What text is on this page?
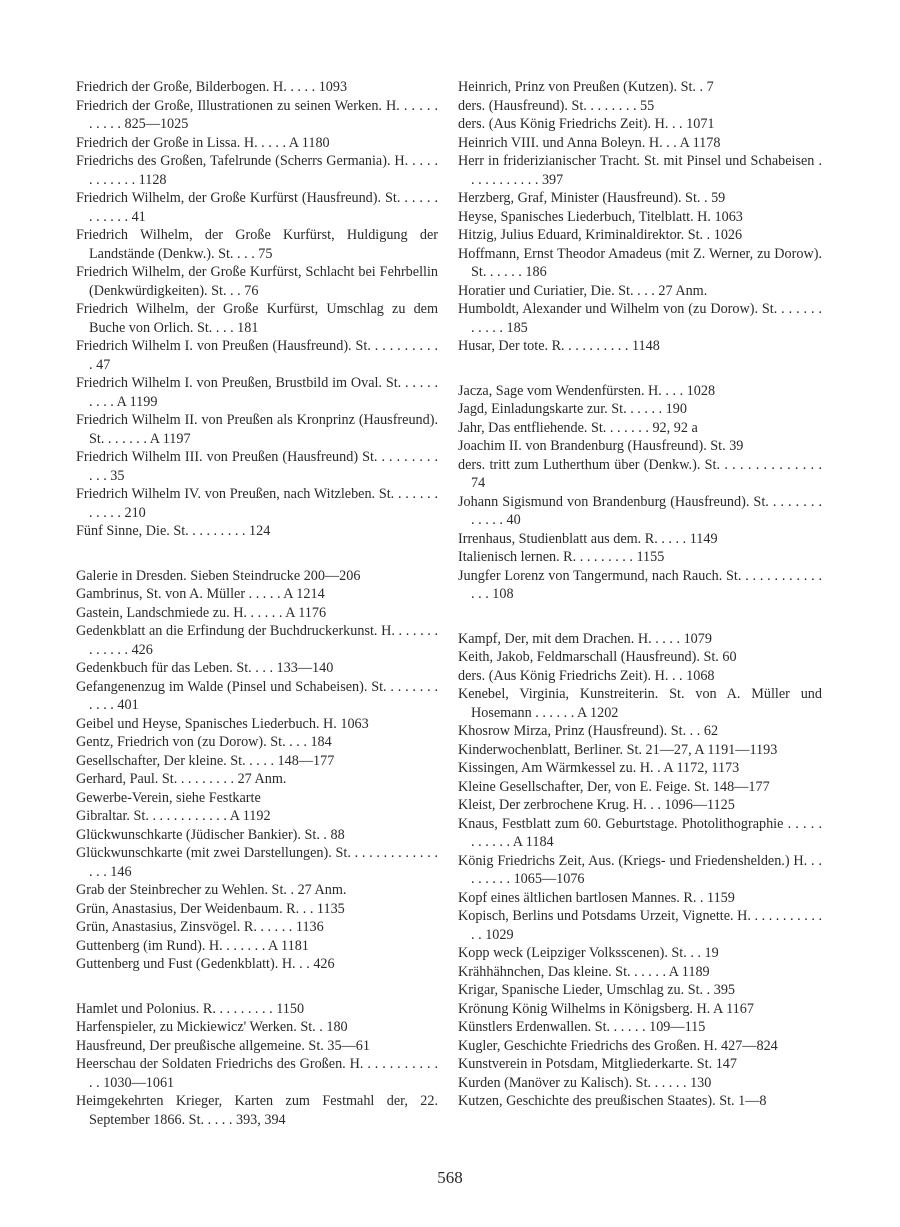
Friedrich der Große, Bilderbogen. H. . . . . 1093
Friedrich der Große, Illustrationen zu seinen Werken. H. . . . . . . . . . . 825—1025
Friedrich der Große in Lissa. H. . . . . A 1180
Friedrichs des Großen, Tafelrunde (Scherrs Germania). H. . . . . . . . . . . . 1128
Friedrich Wilhelm, der Große Kurfürst (Hausfreund). St. . . . . . . . . . . . 41
Friedrich Wilhelm, der Große Kurfürst, Huldigung der Landstände (Denkw.). St. . . . 75
Friedrich Wilhelm, der Große Kurfürst, Schlacht bei Fehrbellin (Denkwürdigkeiten). St. . . 76
Friedrich Wilhelm, der Große Kurfürst, Umschlag zu dem Buche von Orlich. St. . . . 181
Friedrich Wilhelm I. von Preußen (Hausfreund). St. . . . . . . . . . . 47
Friedrich Wilhelm I. von Preußen, Brustbild im Oval. St. . . . . . . . . . A 1199
Friedrich Wilhelm II. von Preußen als Kronprinz (Hausfreund). St. . . . . . . A 1197
Friedrich Wilhelm III. von Preußen (Hausfreund) St. . . . . . . . . . . . 35
Friedrich Wilhelm IV. von Preußen, nach Witzleben. St. . . . . . . . . . . . 210
Fünf Sinne, Die. St. . . . . . . . . 124
Galerie in Dresden. Sieben Steindrucke 200—206
Gambrinus, St. von A. Müller . . . . . A 1214
Gastein, Landschmiede zu. H. . . . . . A 1176
Gedenkblatt an die Erfindung der Buchdruckerkunst. H. . . . . . . . . . . . . 426
Gedenkbuch für das Leben. St. . . . 133—140
Gefangenenzug im Walde (Pinsel und Schabeisen). St. . . . . . . . . . . . 401
Geibel und Heyse, Spanisches Liederbuch. H. 1063
Gentz, Friedrich von (zu Dorow). St. . . . 184
Gesellschafter, Der kleine. St. . . . . 148—177
Gerhard, Paul. St. . . . . . . . . 27 Anm.
Gewerbe-Verein, siehe Festkarte
Gibraltar. St. . . . . . . . . . . . A 1192
Glückwunschkarte (Jüdischer Bankier). St. . 88
Glückwunschkarte (mit zwei Darstellungen). St. . . . . . . . . . . . . . . . 146
Grab der Steinbrecher zu Wehlen. St. . 27 Anm.
Grün, Anastasius, Der Weidenbaum. R. . . 1135
Grün, Anastasius, Zinsvögel. R. . . . . . 1136
Guttenberg (im Rund). H. . . . . . . A 1181
Guttenberg und Fust (Gedenkblatt). H. . . 426
Hamlet und Polonius. R. . . . . . . . . 1150
Harfenspieler, zu Mickiewicz' Werken. St. . 180
Hausfreund, Der preußische allgemeine. St. 35—61
Heerschau der Soldaten Friedrichs des Großen. H. . . . . . . . . . . . . 1030—1061
Heimgekehrten Krieger, Karten zum Festmahl der, 22. September 1866. St. . . . . 393, 394
Heinrich, Prinz von Preußen (Kutzen). St. . 7
ders. (Hausfreund). St. . . . . . . . 55
ders. (Aus König Friedrichs Zeit). H. . . 1071
Heinrich VIII. und Anna Boleyn. H. . . A 1178
Herr in friderizianischer Tracht. St. mit Pinsel und Schabeisen . . . . . . . . . . . 397
Herzberg, Graf, Minister (Hausfreund). St. . 59
Heyse, Spanisches Liederbuch, Titelblatt. H. 1063
Hitzig, Julius Eduard, Kriminaldirektor. St. . 1026
Hoffmann, Ernst Theodor Amadeus (mit Z. Werner, zu Dorow). St. . . . . . 186
Horatier und Curiatier, Die. St. . . . 27 Anm.
Humboldt, Alexander und Wilhelm von (zu Dorow). St. . . . . . . . . . . . 185
Husar, Der tote. R. . . . . . . . . . 1148
Jacza, Sage vom Wendenfürsten. H. . . . 1028
Jagd, Einladungskarte zur. St. . . . . . 190
Jahr, Das entfliehende. St. . . . . . . 92, 92 a
Joachim II. von Brandenburg (Hausfreund). St. 39
ders. tritt zum Lutherthum über (Denkw.). St. . . . . . . . . . . . . . 74
Johann Sigismund von Brandenburg (Hausfreund). St. . . . . . . . . . . . . 40
Irrenhaus, Studienblatt aus dem. R. . . . . 1149
Italienisch lernen. R. . . . . . . . . 1155
Jungfer Lorenz von Tangermund, nach Rauch. St. . . . . . . . . . . . . . . 108
Kampf, Der, mit dem Drachen. H. . . . . 1079
Keith, Jakob, Feldmarschall (Hausfreund). St. 60
ders. (Aus König Friedrichs Zeit). H. . . 1068
Kenebel, Virginia, Kunstreiterin. St. von A. Müller und Hosemann . . . . . . A 1202
Khosrow Mirza, Prinz (Hausfreund). St. . . 62
Kinderwochenblatt, Berliner. St. 21—27, A 1191—1193
Kissingen, Am Wärmkessel zu. H. . A 1172, 1173
Kleine Gesellschafter, Der, von E. Feige. St. 148—177
Kleist, Der zerbrochene Krug. H. . . 1096—1125
Knaus, Festblatt zum 60. Geburtstage. Photolithographie . . . . . . . . . . . A 1184
König Friedrichs Zeit, Aus. (Kriegs- und Friedenshelden.) H. . . . . . . . . 1065—1076
Kopf eines ältlichen bartlosen Mannes. R. . 1159
Kopisch, Berlins und Potsdams Urzeit, Vignette. H. . . . . . . . . . . . . 1029
Kopp weck (Leipziger Volksscenen). St. . . 19
Krähhähnchen, Das kleine. St. . . . . . A 1189
Krigar, Spanische Lieder, Umschlag zu. St. . 395
Krönung König Wilhelms in Königsberg. H. A 1167
Künstlers Erdenwallen. St. . . . . . 109—115
Kugler, Geschichte Friedrichs des Großen. H. 427—824
Kunstverein in Potsdam, Mitgliederkarte. St. 147
Kurden (Manöver zu Kalisch). St. . . . . . 130
Kutzen, Geschichte des preußischen Staates). St. 1—8
568
